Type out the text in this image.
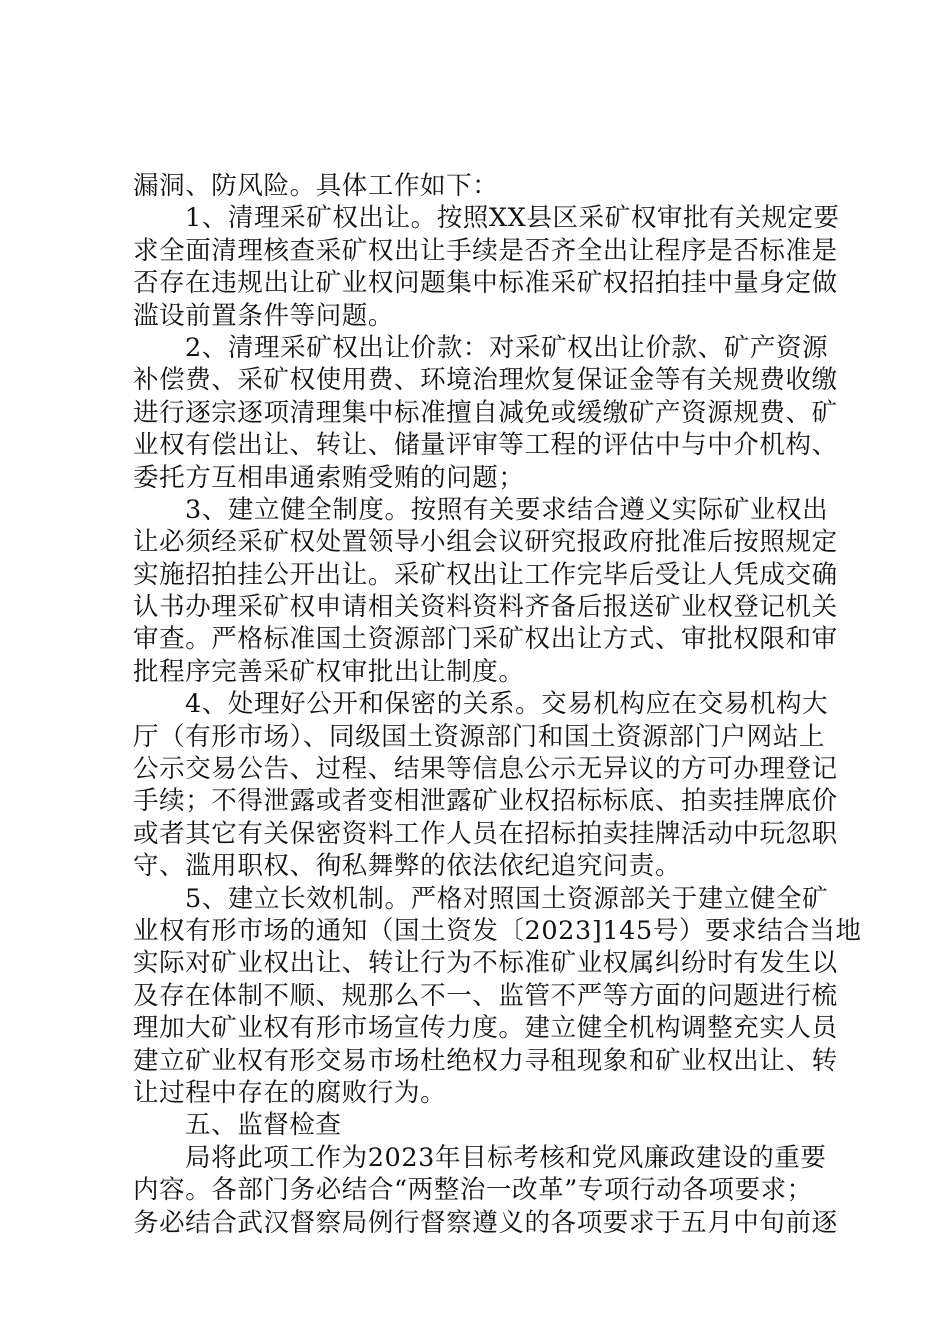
漏洞、防风险。具体工作如下：
1、清理采矿权出让。按照XX县区采矿权审批有关规定要
求全面清理核查采矿权出让手续是否齐全出让程序是否标准是
否存在违规出让矿业权问题集中标准采矿权招拍挂中量身定做
滥设前置条件等问题。
2、清理采矿权出让价款：对采矿权出让价款、矿产资源
补偿费、采矿权使用费、环境治理炊复保证金等有关规费收缴
进行逐宗逐项清理集中标准擅自减免或缓缴矿产资源规费、矿
业权有偿出让、转让、储量评审等工程的评估中与中介机构、
委托方互相串通索贿受贿的问题；
3、建立健全制度。按照有关要求结合遵义实际矿业权出
让必须经采矿权处置领导小组会议研究报政府批准后按照规定
实施招拍挂公开出让。采矿权出让工作完毕后受让人凭成交确
认书办理采矿权申请相关资料资料齐备后报送矿业权登记机关
审查。严格标准国土资源部门采矿权出让方式、审批权限和审
批程序完善采矿权审批出让制度。
4、处理好公开和保密的关系。交易机构应在交易机构大
厅（有形市场）、同级国土资源部门和国土资源部门户网站上
公示交易公告、过程、结果等信息公示无异议的方可办理登记
手续；不得泄露或者变相泄露矿业权招标标底、拍卖挂牌底价
或者其它有关保密资料工作人员在招标拍卖挂牌活动中玩忽职
守、滥用职权、徇私舞弊的依法依纪追究问责。
5、建立长效机制。严格对照国土资源部关于建立健全矿
业权有形市场的通知（国土资发〔2023]145号）要求结合当地
实际对矿业权出让、转让行为不标准矿业权属纠纷时有发生以
及存在体制不顺、规那么不一、监管不严等方面的问题进行梳
理加大矿业权有形市场宣传力度。建立健全机构调整充实人员
建立矿业权有形交易市场杜绝权力寻租现象和矿业权出让、转
让过程中存在的腐败行为。
五、监督检查
局将此项工作为2023年目标考核和党风廉政建设的重要
内容。各部门务必结合“两整治一改革”专项行动各项要求；
务必结合武汉督察局例行督察遵义的各项要求于五月中旬前逐
